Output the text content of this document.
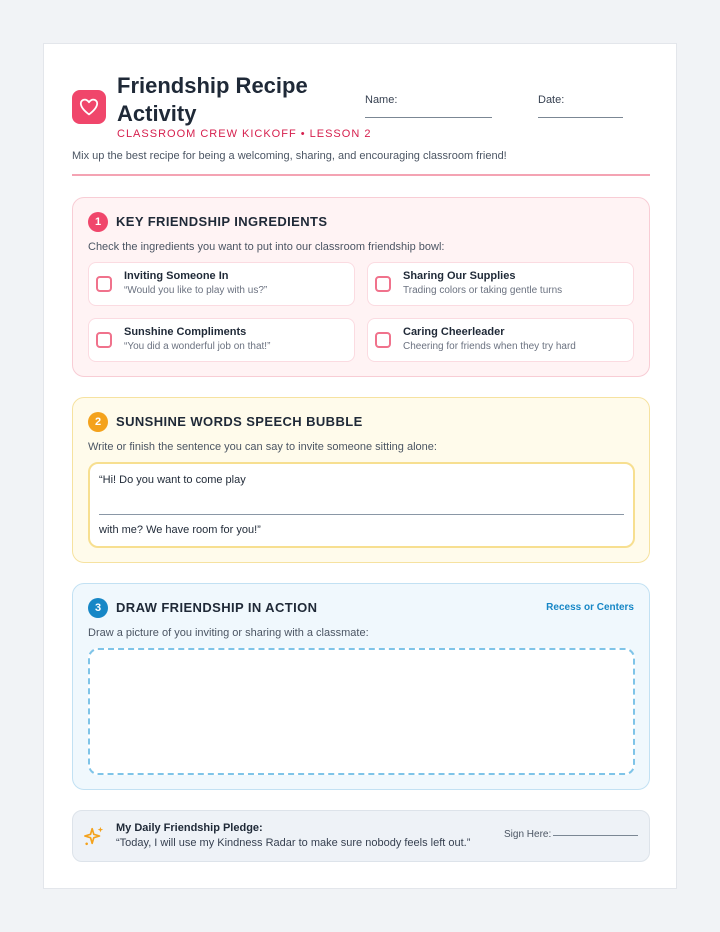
Friendship Recipe Activity
CLASSROOM CREW KICKOFF • LESSON 2
Name:	Date:
Mix up the best recipe for being a welcoming, sharing, and encouraging classroom friend!
1	KEY FRIENDSHIP INGREDIENTS
Check the ingredients you want to put into our classroom friendship bowl:
Inviting Someone In
“Would you like to play with us?”
Sharing Our Supplies
Trading colors or taking gentle turns
Sunshine Compliments
“You did a wonderful job on that!”
Caring Cheerleader
Cheering for friends when they try hard
2	SUNSHINE WORDS SPEECH BUBBLE
Write or finish the sentence you can say to invite someone sitting alone:
“Hi! Do you want to come play
with me? We have room for you!”
3	DRAW FRIENDSHIP IN ACTION	Recess or Centers
Draw a picture of you inviting or sharing with a classmate:
My Daily Friendship Pledge:
“Today, I will use my Kindness Radar to make sure nobody feels left out.”
Sign Here:
